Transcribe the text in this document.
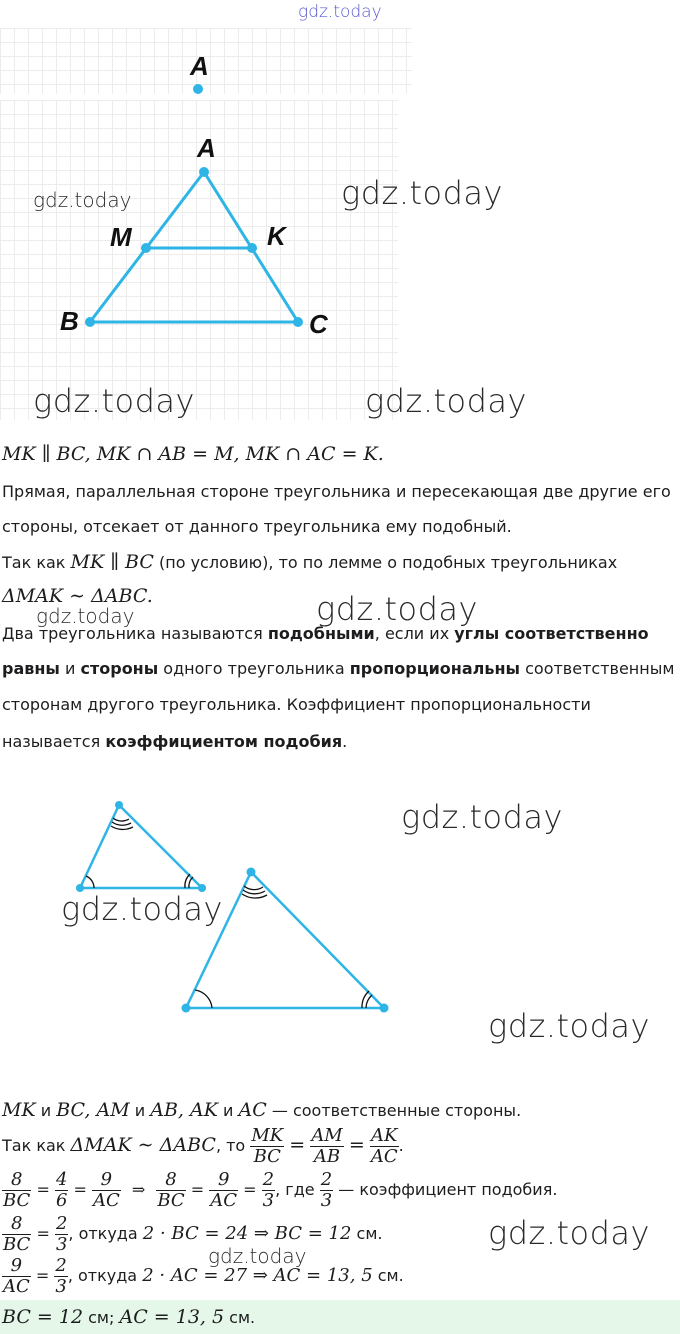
gdz.today
A
A
M	K
B	C
gdz.today	gdz.today
gdz.today	gdz.today
MK ∥ BC, MK ∩ AB = M, MK ∩ AC = K.
Прямая, параллельная стороне треугольника и пересекающая две другие его
стороны, отсекает от данного треугольника ему подобный.
Так как MK ∥ BC (по условию), то по лемме о подобных треугольниках
ΔMAK ∼ ΔABC.
gdz.today	gdz.today
Два треугольника называются подобными, если их углы соответственно
равны и стороны одного треугольника пропорциональны соответственным
сторонам другого треугольника. Коэффициент пропорциональности
называется коэффициентом подобия.
gdz.today
gdz.today
gdz.today
MK и BC, AM и AB, AK и AC — соответственные стороны.
Так как ΔMAK ∼ ΔABC, то $\frac{MK}{BC} = \frac{AM}{AB} = \frac{AK}{AC}$ .
$\frac{8}{BC} = \frac{4}{6} = \frac{9}{AC}$ ⇒ $\frac{8}{BC} = \frac{9}{AC} = \frac{2}{3}$ , где $\frac{2}{3}$ — коэффициент подобия.
gdz.today
$\frac{8}{BC} = \frac{2}{3}$ , откуда 2 · BC = 24 ⇒ BC = 12 см.
gdz.today
$\frac{9}{AC} = \frac{2}{3}$ , откуда 2 · AC = 27 ⇒ AC = 13, 5 см.
BC = 12 см; AC = 13, 5 см.
